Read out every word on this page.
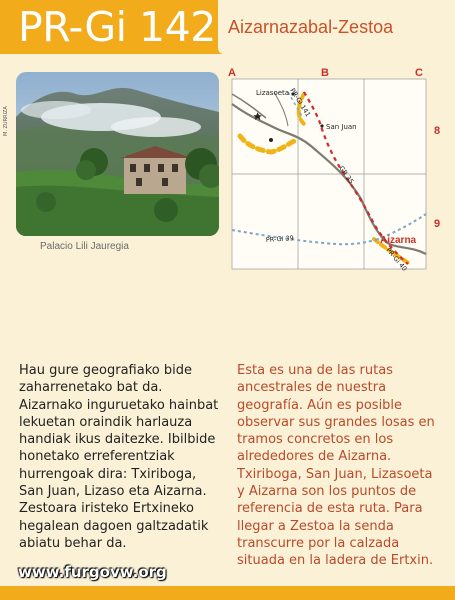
PR-Gi 142 Aizarnazabal-Zestoa
M. ZURRIZA
Palacio Lili Jauregia
A	B	C
8
9
Lizasoeta
San Juan
Aizarna
PR-Gi 141
GR 35
PR-Gi 39
PR-Gi 40

Hau gure geografiako bide zaharrenetako bat da. Aizarnako inguruetako hainbat lekuetan oraindik harlauza handiak ikus daitezke. Ibilbide honetako erreferentziak hurrengoak dira: Txiriboga, San Juan, Lizaso eta Aizarna. Zestoara iristeko Ertxineko hegalean dagoen galtzadatik abiatu behar da.

Esta es una de las rutas ancestrales de nuestra geografía. Aún es posible observar sus grandes losas en tramos concretos en los alrededores de Aizarna. Txiriboga, San Juan, Lizasoeta y Aizarna son los puntos de referencia de esta ruta. Para llegar a Zestoa la senda transcurre por la calzada situada en la ladera de Ertxin.

www.furgovw.org
